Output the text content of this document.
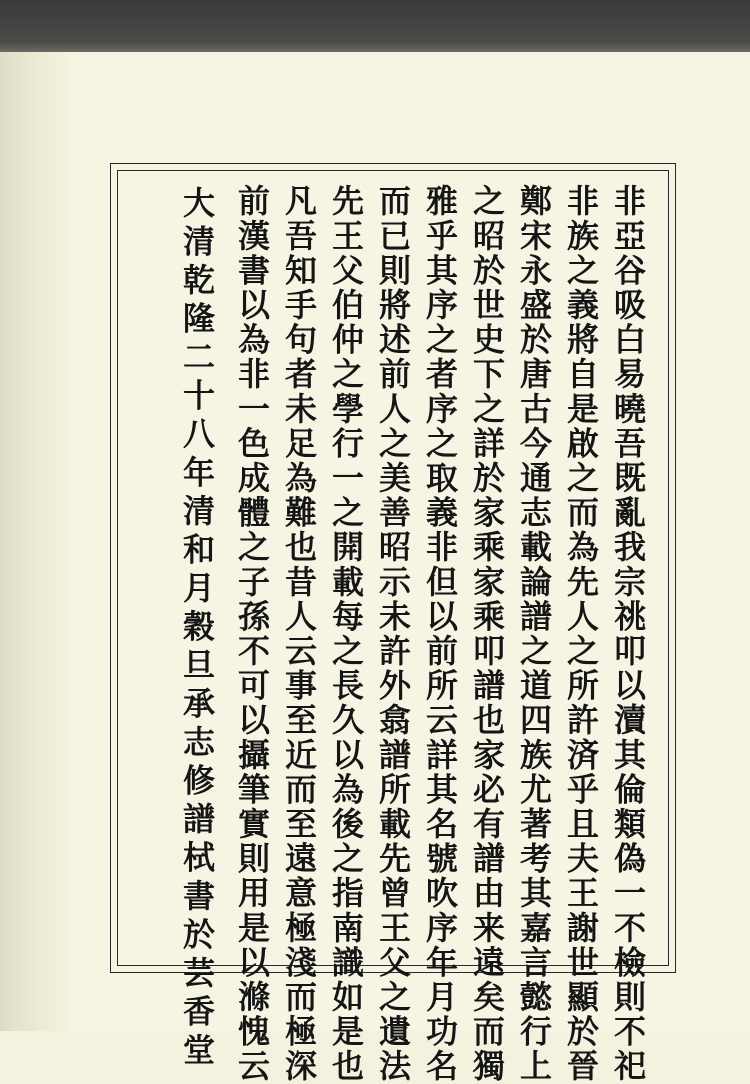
非亞谷吸白易曉吾既亂我宗祧叩以瀆其倫類偽一不檢則不祀
非族之義將自是啟之而為先人之所許済乎且夫王謝世顯於晉
鄭宋永盛於唐古今通志載論譜之道四族尤著考其嘉言懿行上
之昭於世史下之詳於家乘家乘叩譜也家必有譜由来遠矣而獨
雅乎其序之者序之取義非但以前所云詳其名號吹序年月功名
而已則將述前人之美善昭示未許外翕譜所載先曾王父之遺法
先王父伯仲之學行一之開載每之長久以為後之指南識如是也
凡吾知手句者未足為難也昔人云事至近而至遠意極淺而極深
前漢書以為非一色成體之子孫不可以攝筆實則用是以滌愧云
大清乾隆二十八年清和月穀旦承志修譜栻書於芸香堂
